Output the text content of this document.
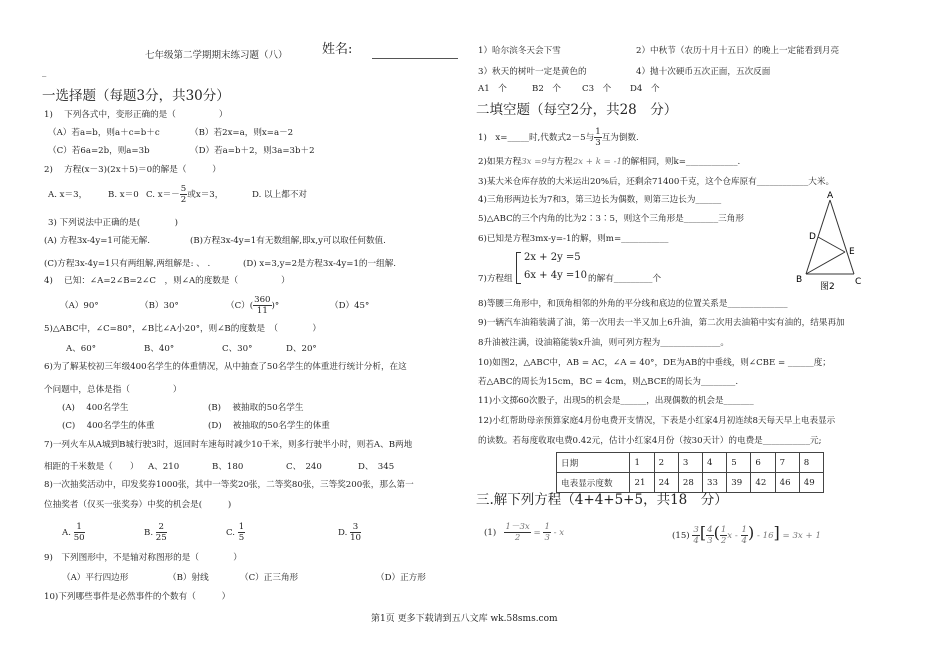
七年级第二学期期末练习题（八）	姓名:
_
一选择题（每题3分，共30分）
1)　 下列各式中，变形正确的是（　　　　　）
（A）若a=b，则a＋c=b＋c	（B）若2x=a，则x=a－2
（C）若6a=2b，则a=3b	（D）若a=b＋2，则3a=3b＋2
2)　 方程(x－3)(2x＋5)＝0的解是（　　　）
A. x＝3， B. x＝0 C. $x=- \frac{5}{2}$ 或x＝3，	D. 以上都不对
3) 下列说法中正确的是(　　　　)
(A) 方程3x-4y=1可能无解.	(B)方程3x-4y=1有无数组解,即x,y可以取任何数值.
(C)方程3x-4y=1只有两组解,两组解是: 、 .	(D) x=3,y=2是方程3x-4y=1的一组解.
4)　 已知：∠A=2∠B=2∠C　，则∠A的度数是（　　　　　）
（A）90°	（B）30°	$(C)( \frac{360}{11}$ )°	（D）45°
5)△ABC中，∠C=80°，∠B比∠A小20°，则∠B的度数是　（　　　　）
A、60°	B、40°	C、30°	D、20°
6)为了解某校初三年级400名学生的体重情况，从中抽查了50名学生的体重进行统计分析，在这
个问题中，总体是指（　　　　　）
(A)　 400名学生	(B)　 被抽取的50名学生
(C)　 400名学生的体重	(D)　 被抽取的50名学生的体重
7)一列火车从A城到B城行驶3时，返回时车速每时减少10千米，则多行驶半小时，则若A、B两地
相距的千米数是（　　） A、210	B、180	C、　240	D、　345
8)一次抽奖活动中，印发奖券1000张，其中一等奖20张，二等奖80张，三等奖200张，那么第一
位抽奖者（仅买一张奖券）中奖的机会是(　　　)
A. $\frac{1}{50}$	B. $\frac{2}{25}$	C. $\frac{1}{5}$	D. $\frac{3}{10}$
9)　下列图形中，不是轴对称图形的是（　　　　）
（A）平行四边形	（B）射线	（C）正三角形	（D）正方形
10)下列哪些事件是必然事件的个数有（　　　）
1）哈尔滨冬天会下雪	2）中秋节（农历十月十五日）的晚上一定能看到月亮
3）秋天的树叶一定是黄色的	4）抛十次硬币五次正面，五次反面
A1　个	B2　个 C3　个 D4　个
二填空题（每空2分，共28　分）
1)　x=_____时,代数式2－5与 $\frac{1}{3}$ 互为倒数.
2)如果方程3x =9与方程2x + k = -1的解相同，则k=____________.
3)某大米仓库存放的大米运出20%后，还剩余71400千克，这个仓库原有____________大米。
4)三角形两边长为7和3，第三边长为偶数，则第三边长为______
5)△ABC的三个内角的比为2∶3∶5，则这个三角形是________三角形
6)已知是方程3mx-y=-1的解，则m=___________
7)方程组
2x + 2y =5
6x + 4y =10 的解有_________个
8)等腰三角形中，和顶角相邻的外角的平分线和底边的位置关系是______________
9)一辆汽车油箱装满了油，第一次用去一半又加上6升油，第二次用去油箱中实有油的，结果再加
8升油被注满，设油箱能装x升油，则可列方程为______________。
10)如图2，△ABC中，AB = AC，∠A = 40°，DE为AB的中垂线，则∠CBE = ______度；
若△ABC的周长为15cm，BC = 4cm，则△BCE的周长为________.
11)小文掷60次骰子，出现5的机会是______，出现偶数的机会是_______
12)小红帮助母亲预算家庭4月份电费开支情况，下表是小红家4月初连续8天每天早上电表显示
的读数。若每度收取电费0.42元，估计小红家4月份（按30天计）的电费是___________元;
日期	1	2	3	4	5	6	7	8
电表显示度数	21	24	28	33	39	42	46	49
三.解下列方程（4+4+5+5，共18　分）
$(1) \frac{1-3x}{2} = \frac{1}{3} - x$	$(15) \frac{3}{4}$ [ $\frac{4}{3}$ ( $\frac{1}{2}$ x - $\frac{1}{4}$ ) - 16] = 3x + 1
A
D
E
B	C
图2
第1页 更多下载请到五八文库 wk.58sms.com
